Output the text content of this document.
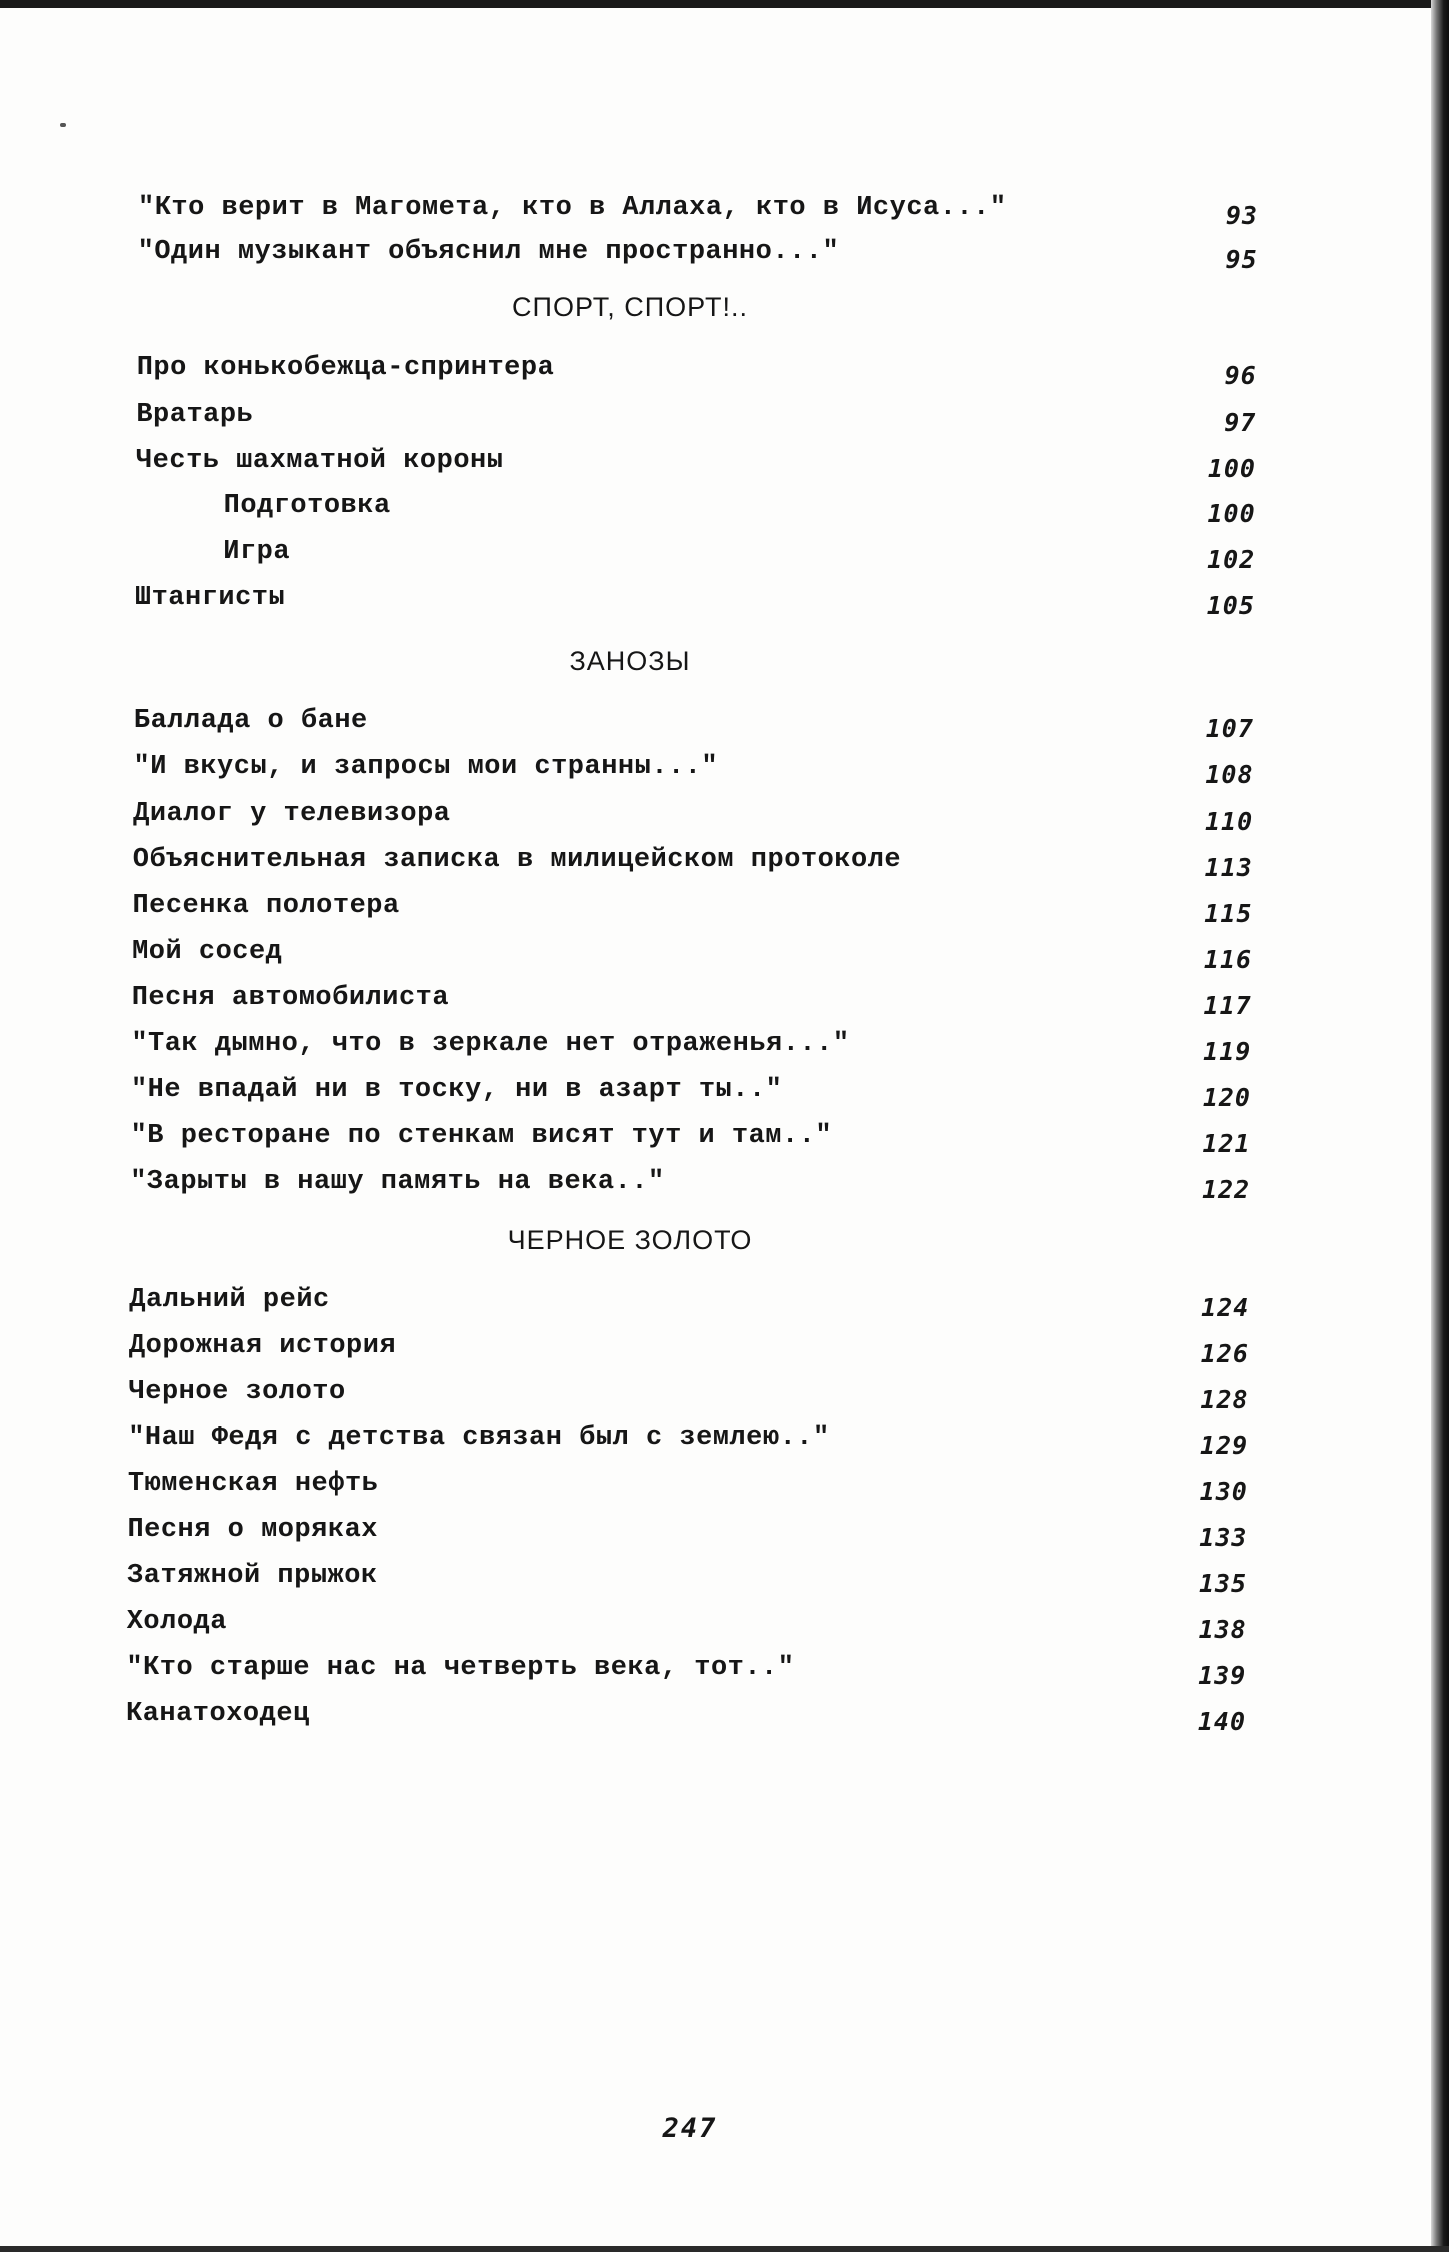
"Кто верит в Магомета, кто в Аллаха, кто в Исуса..."	93
"Один музыкант объяснил мне пространно..."	95
СПОРТ, СПОРТ!..
Про конькобежца-спринтера	96
Вратарь	97
Честь шахматной короны	100
Подготовка	100
Игра	102
Штангисты	105
ЗАНОЗЫ
Баллада о бане	107
"И вкусы, и запросы мои странны..."	108
Диалог у телевизора	110
Объяснительная записка в милицейском протоколе	113
Песенка полотера	115
Мой сосед	116
Песня автомобилиста	117
"Так дымно, что в зеркале нет отраженья..."	119
"Не впадай ни в тоску, ни в азарт ты.."	120
"В ресторане по стенкам висят тут и там.."	121
"Зарыты в нашу память на века.."	122
ЧЕРНОЕ ЗОЛОТО
Дальний рейс	124
Дорожная история	126
Черное золото	128
"Наш Федя с детства связан был с землею.."	129
Тюменская нефть	130
Песня о моряках	133
Затяжной прыжок	135
Холода	138
"Кто старше нас на четверть века, тот.."	139
Канатоходец	140
247
